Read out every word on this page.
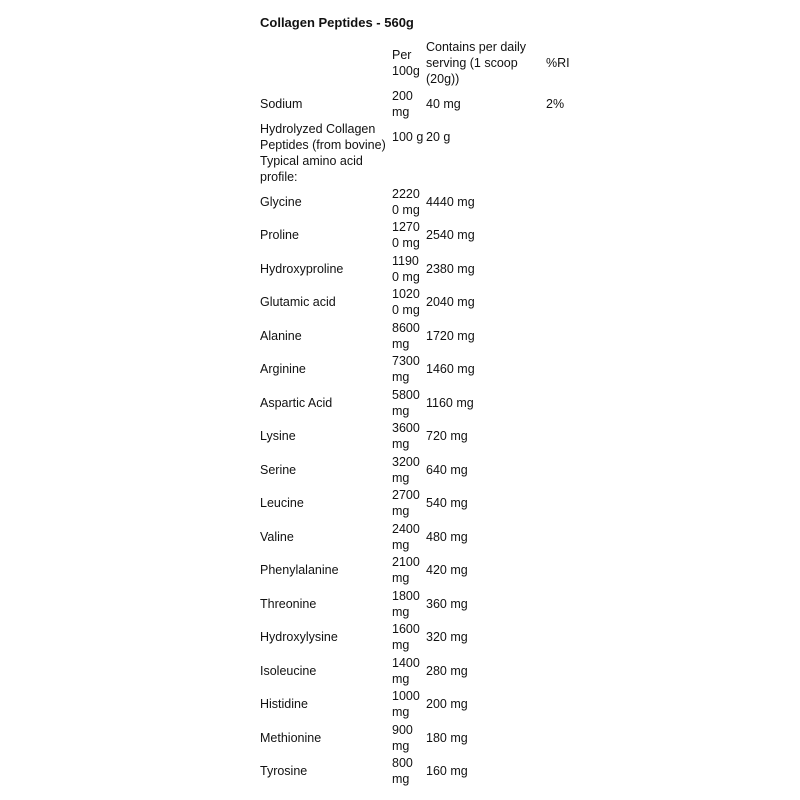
Collagen Peptides - 560g
	Per 100g	Contains per daily serving (1 scoop (20g))	%RI
Sodium	200 mg	40 mg	2%
Hydrolyzed Collagen Peptides (from bovine)	100 g	20 g	
Typical amino acid profile:			
Glycine	22200 mg	4440 mg	
Proline	12700 mg	2540 mg	
Hydroxyproline	11900 mg	2380 mg	
Glutamic acid	10200 mg	2040 mg	
Alanine	8600 mg	1720 mg	
Arginine	7300 mg	1460 mg	
Aspartic Acid	5800 mg	1160 mg	
Lysine	3600 mg	720 mg	
Serine	3200 mg	640 mg	
Leucine	2700 mg	540 mg	
Valine	2400 mg	480 mg	
Phenylalanine	2100 mg	420 mg	
Threonine	1800 mg	360 mg	
Hydroxylysine	1600 mg	320 mg	
Isoleucine	1400 mg	280 mg	
Histidine	1000 mg	200 mg	
Methionine	900 mg	180 mg	
Tyrosine	800 mg	160 mg	
